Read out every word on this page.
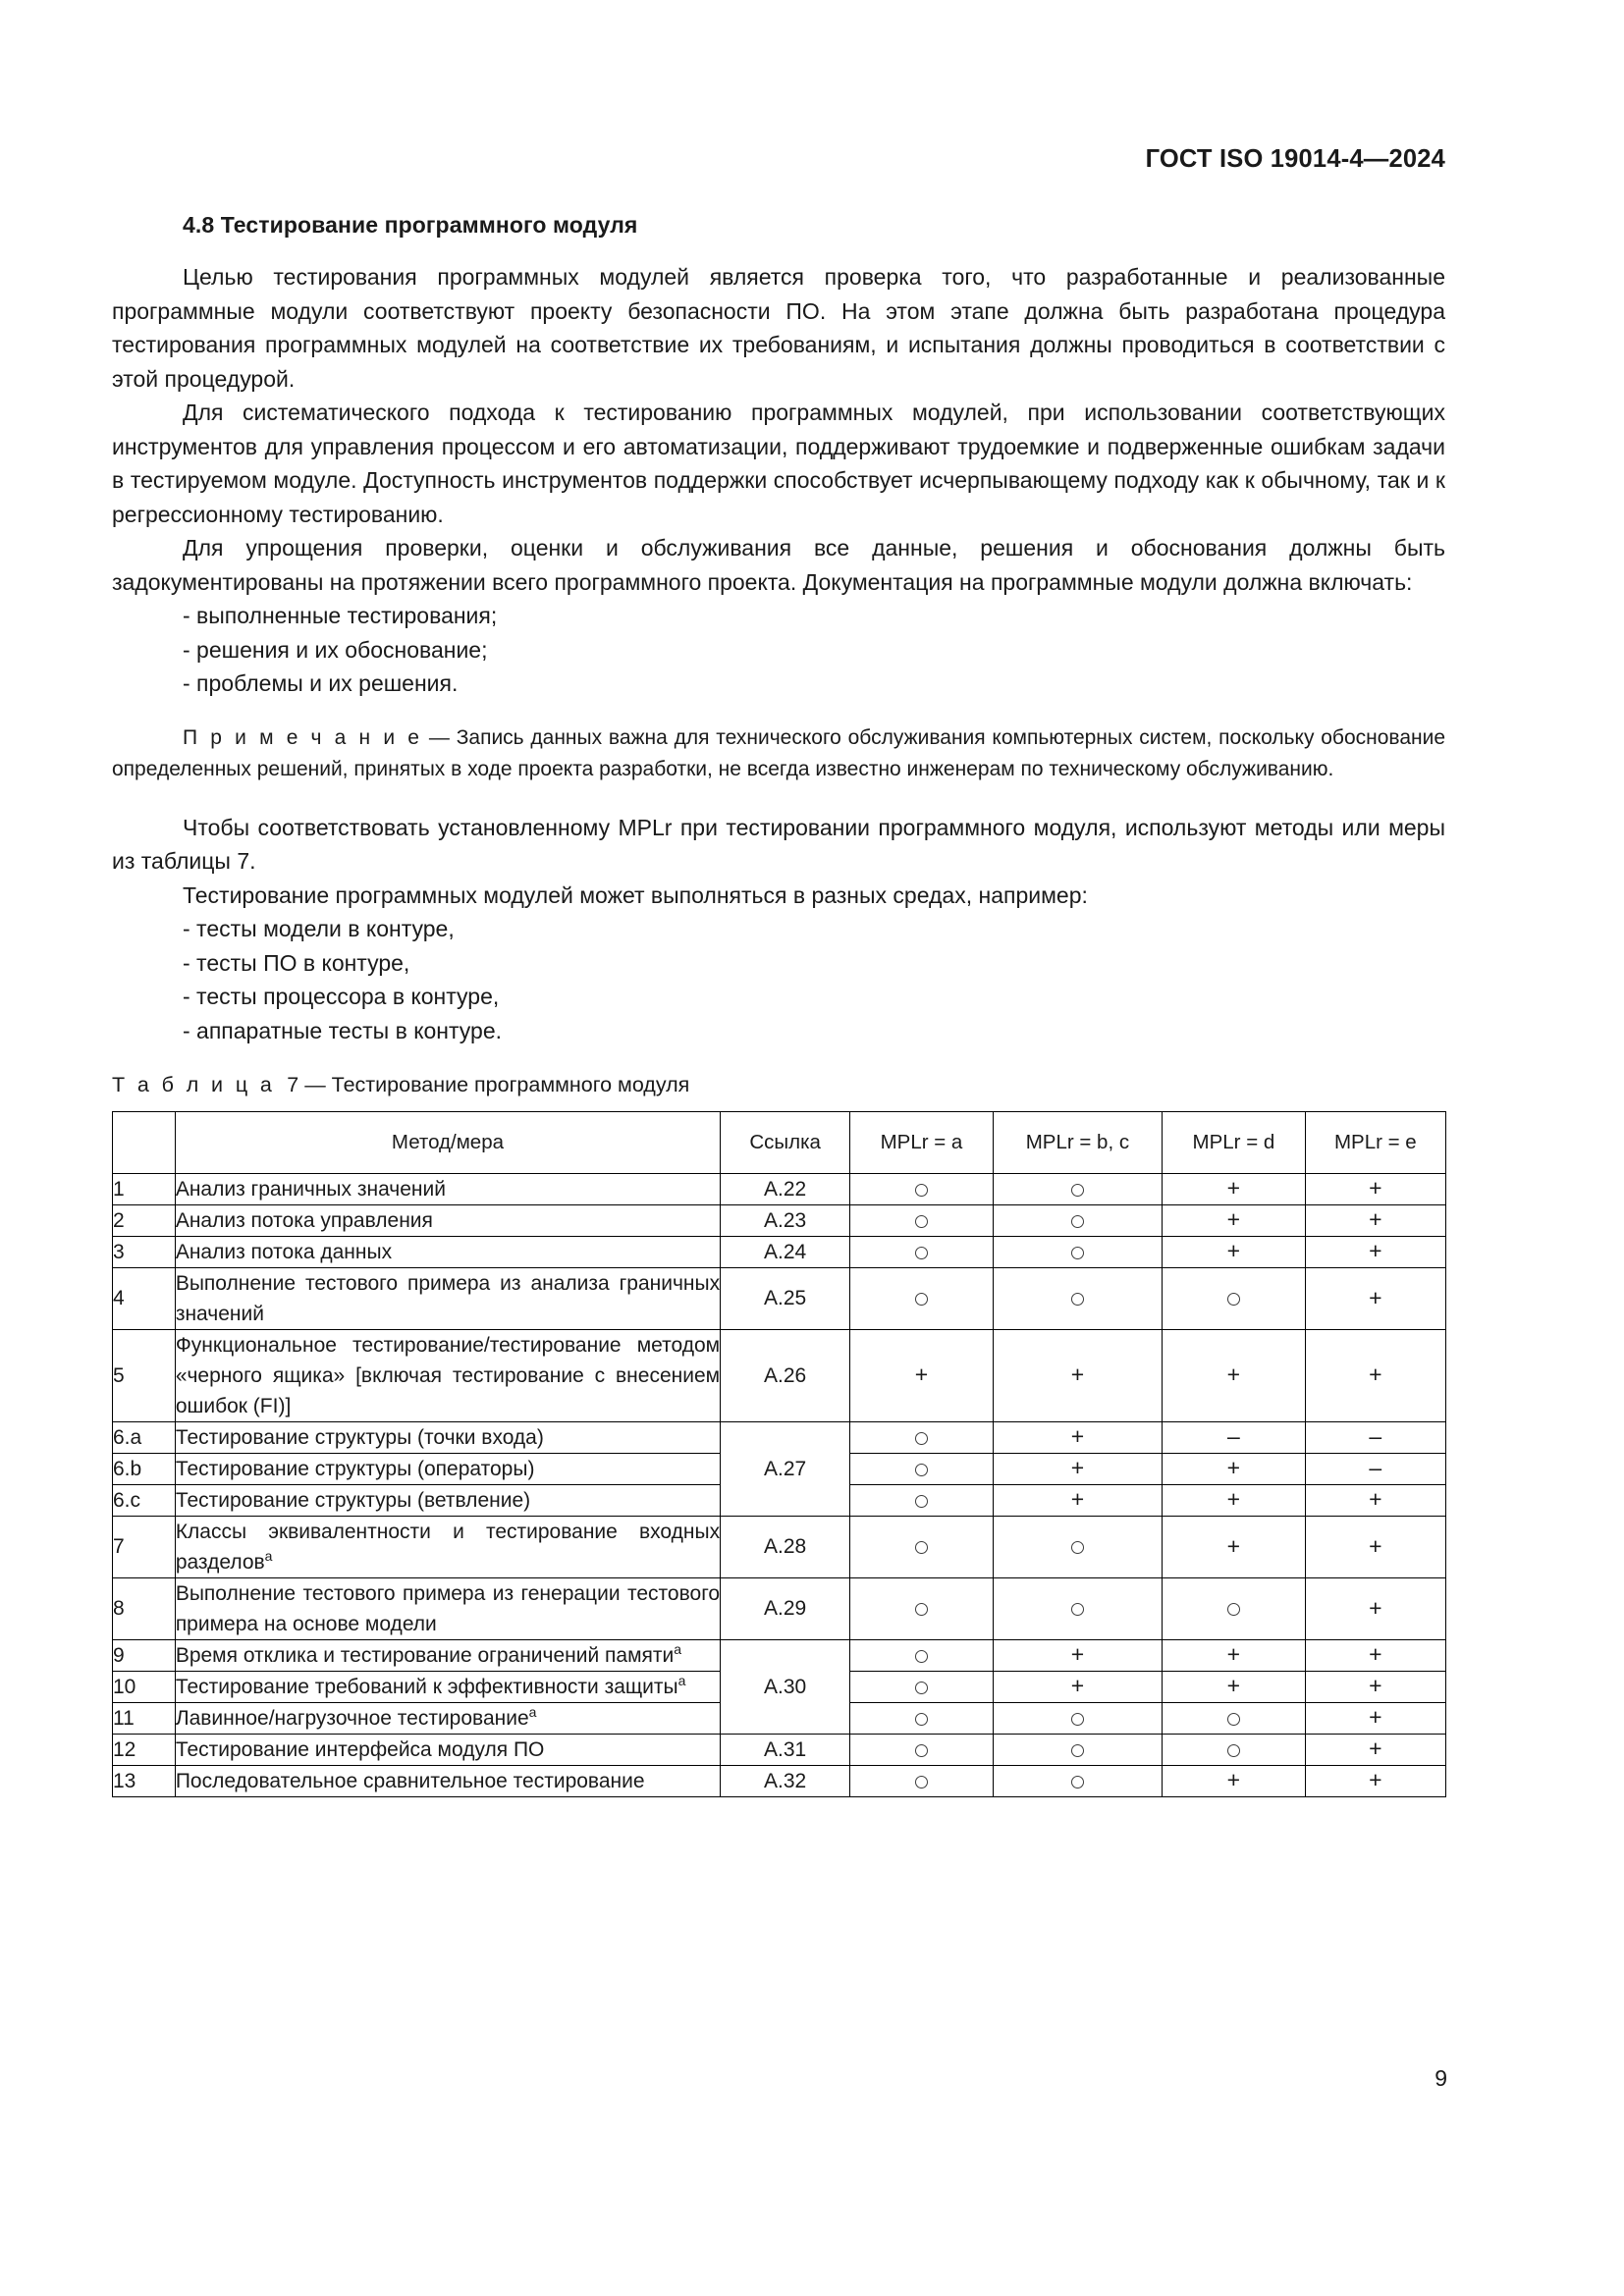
ГОСТ ISO 19014-4—2024
4.8 Тестирование программного модуля

Целью тестирования программных модулей является проверка того, что разработанные и реализованные программные модули соответствуют проекту безопасности ПО. На этом этапе должна быть разработана процедура тестирования программных модулей на соответствие их требованиям, и испытания должны проводиться в соответствии с этой процедурой.

Для систематического подхода к тестированию программных модулей, при использовании соответствующих инструментов для управления процессом и его автоматизации, поддерживают трудоемкие и подверженные ошибкам задачи в тестируемом модуле. Доступность инструментов поддержки способствует исчерпывающему подходу как к обычному, так и к регрессионному тестированию.

Для упрощения проверки, оценки и обслуживания все данные, решения и обоснования должны быть задокументированы на протяжении всего программного проекта. Документация на программные модули должна включать:

- выполненные тестирования;

- решения и их обоснование;

- проблемы и их решения.

П р и м е ч а н и е — Запись данных важна для технического обслуживания компьютерных систем, поскольку обоснование определенных решений, принятых в ходе проекта разработки, не всегда известно инженерам по техническому обслуживанию.

Чтобы соответствовать установленному MPLr при тестировании программного модуля, используют методы или меры из таблицы 7.

Тестирование программных модулей может выполняться в разных средах, например:

- тесты модели в контуре,

- тесты ПО в контуре,

- тесты процессора в контуре,

- аппаратные тесты в контуре.

Т а б л и ц а 7 — Тестирование программного модуля

	Метод/мера	Ссылка	MPLr = a	MPLr = b, c	MPLr = d	MPLr = e
1	Анализ граничных значений	A.22			+	+
2	Анализ потока управления	A.23			+	+
3	Анализ потока данных	A.24			+	+
4	Выполнение тестового примера из анализа граничных значений	A.25				+
5	Функциональное тестирование/тестирование методом «черного ящика» [включая тестирование с внесением ошибок (FI)]	A.26	+	+	+	+
6.a	Тестирование структуры (точки входа)	A.27		+	–	–
6.b	Тестирование структуры (операторы)			+	+	–
6.c	Тестирование структуры (ветвление)			+	+	+
7	Классы эквивалентности и тестирование входных разделов$^a$	A.28			+	+
8	Выполнение тестового примера из генерации тестового примера на основе модели	A.29				+
9	Время отклика и тестирование ограничений памяти$^a$	A.30		+	+	+
10	Тестирование требований к эффективности защиты$^a$			+	+	+
11	Лавинное/нагрузочное тестирование$^a$					+
12	Тестирование интерфейса модуля ПО	A.31				+
13	Последовательное сравнительное тестирование	A.32			+	+
9
